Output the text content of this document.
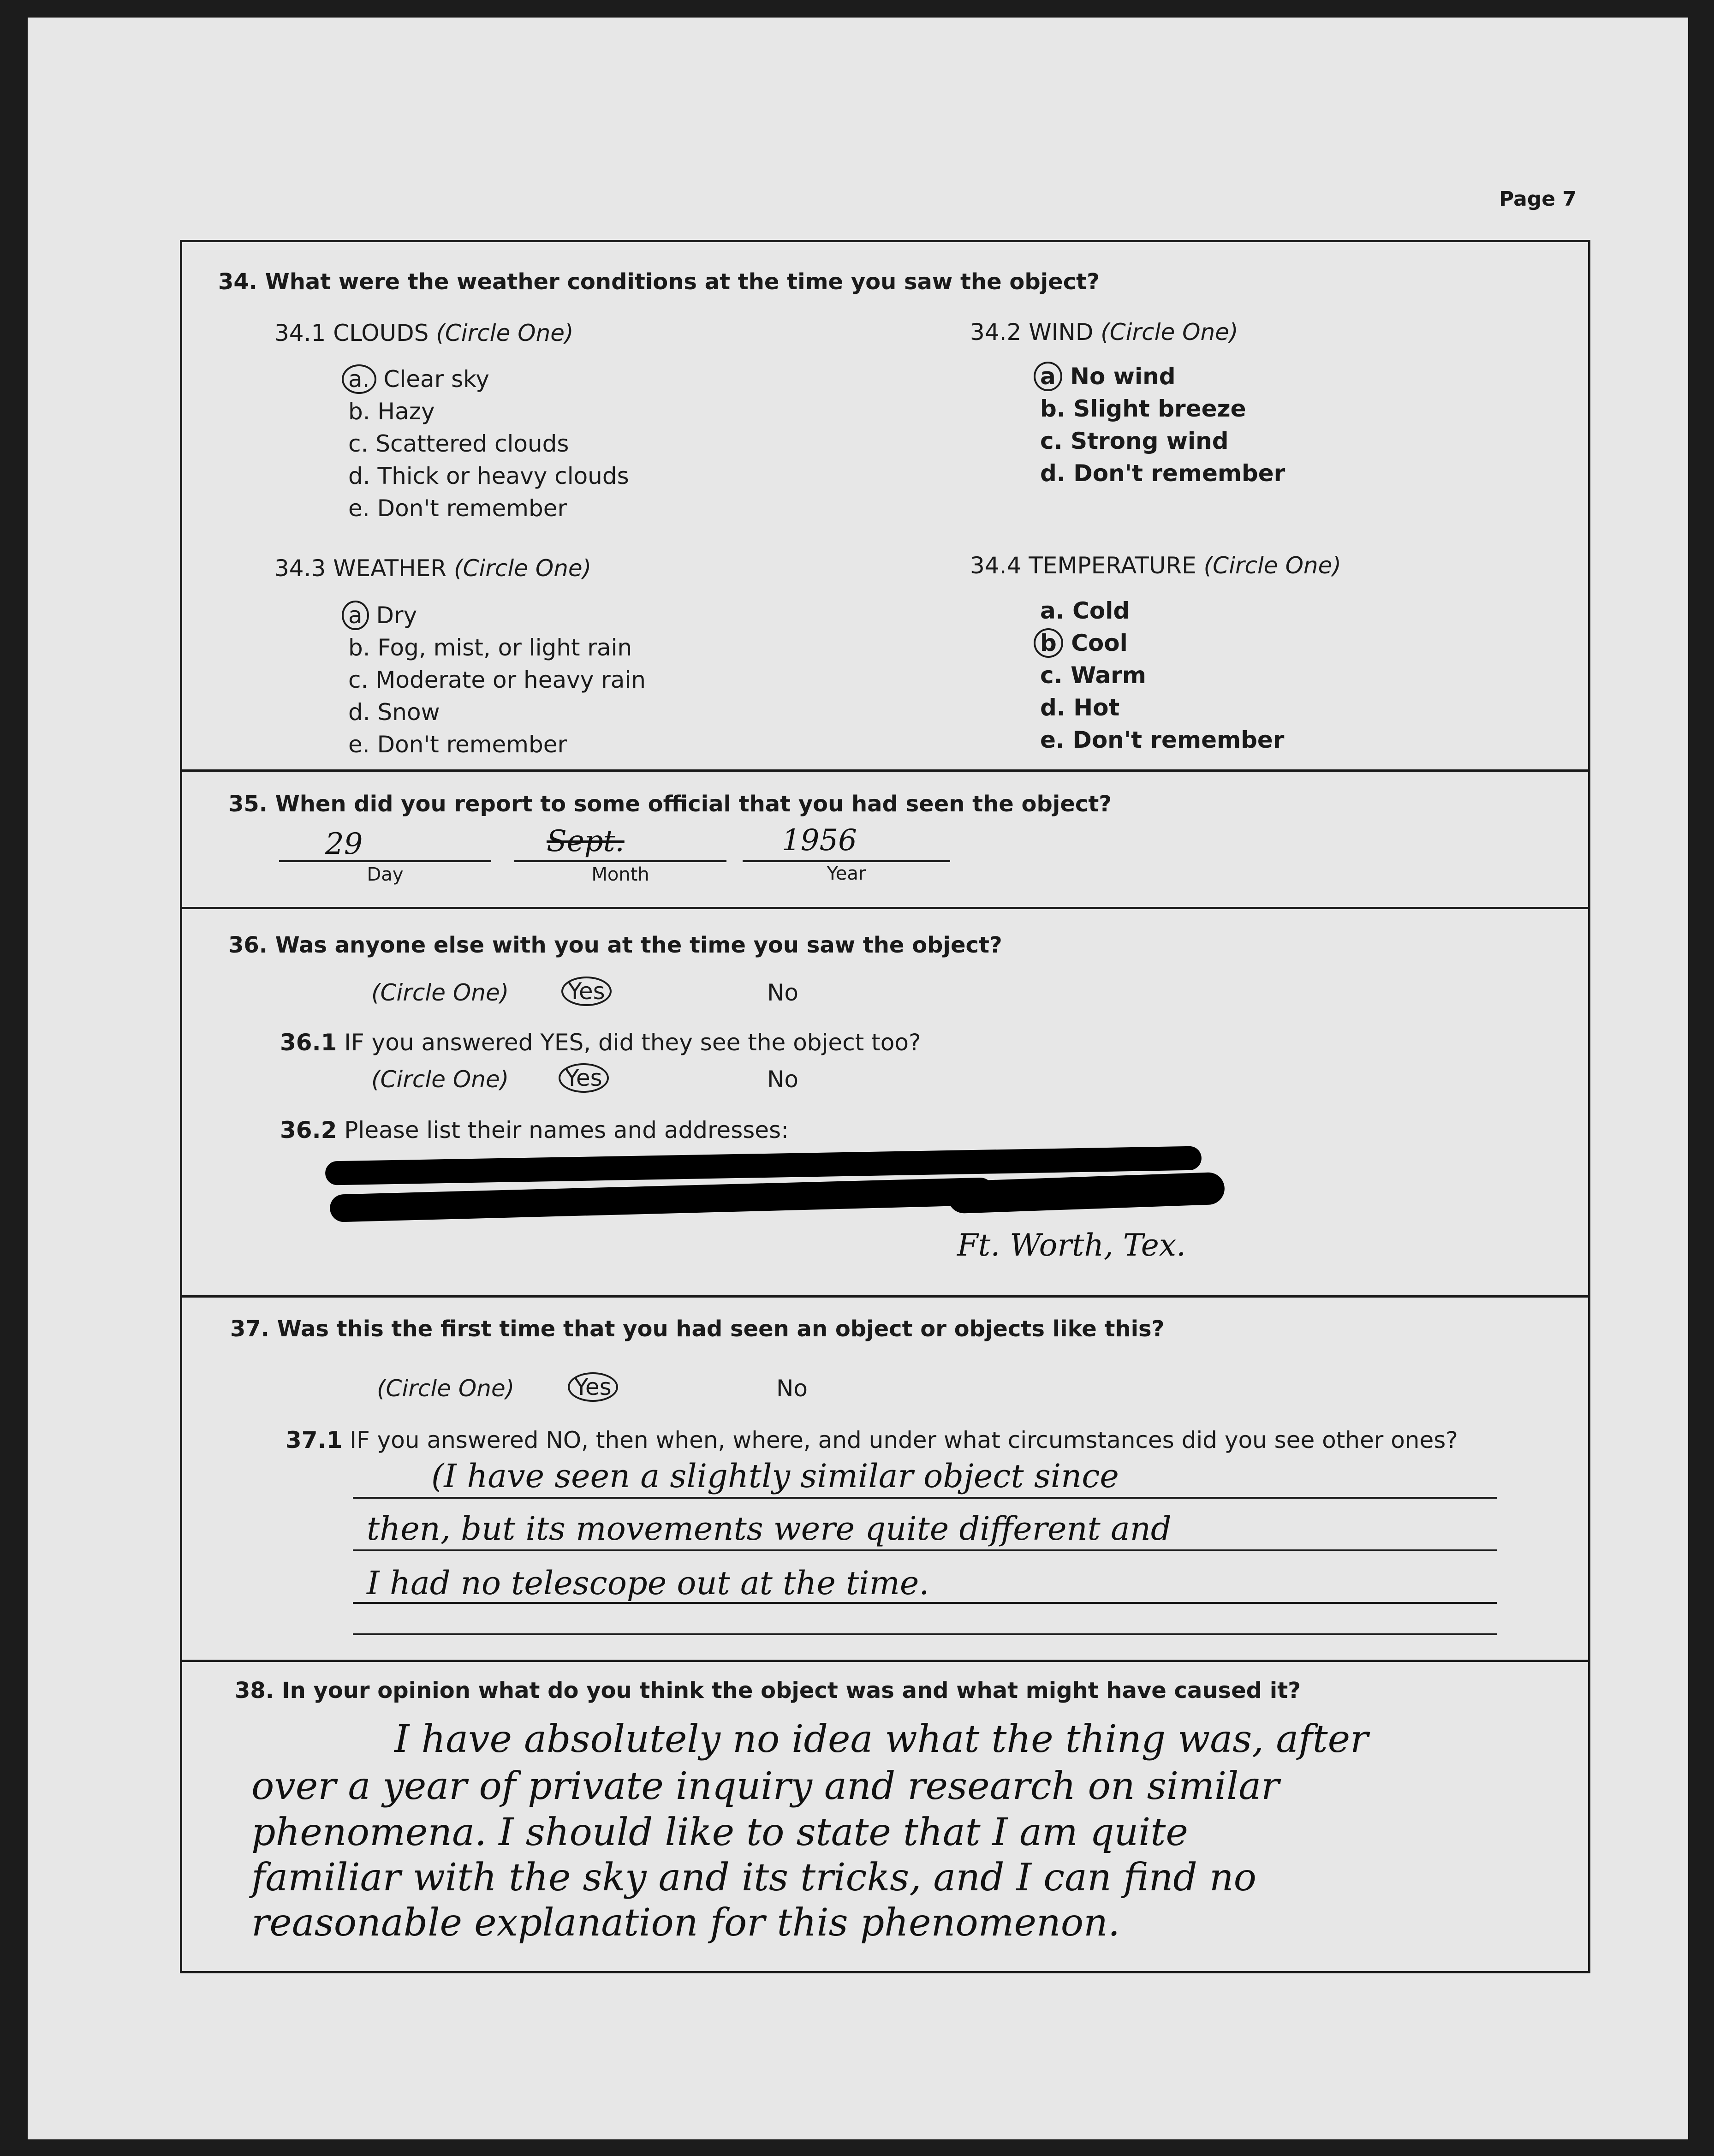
Page 7
34. What were the weather conditions at the time you saw the object?
34.1 CLOUDS (Circle One)
a. Clear sky
b. Hazy
c. Scattered clouds
d. Thick or heavy clouds
e. Don't remember
34.2 WIND (Circle One)
a No wind
b. Slight breeze
c. Strong wind
d. Don't remember
34.3 WEATHER (Circle One)
a Dry
b. Fog, mist, or light rain
c. Moderate or heavy rain
d. Snow
e. Don't remember
34.4 TEMPERATURE (Circle One)
a. Cold
b Cool
c. Warm
d. Hot
e. Don't remember
35. When did you report to some official that you had seen the object?
29
Day
Sept.
Month
1956
Year
36. Was anyone else with you at the time you saw the object?
(Circle One)	Yes	No
36.1 IF you answered YES, did they see the object too?
(Circle One) Yes	No
36.2 Please list their names and addresses:
Ft. Worth, Tex.
37. Was this the first time that you had seen an object or objects like this?
(Circle One)	Yes	No
37.1 IF you answered NO, then when, where, and under what circumstances did you see other ones?
(I have seen a slightly similar object since
then, but its movements were quite different and
I had no telescope out at the time.
38. In your opinion what do you think the object was and what might have caused it?
I have absolutely no idea what the thing was, after
over a year of private inquiry and research on similar
phenomena. I should like to state that I am quite
familiar with the sky and its tricks, and I can find no
reasonable explanation for this phenomenon.
